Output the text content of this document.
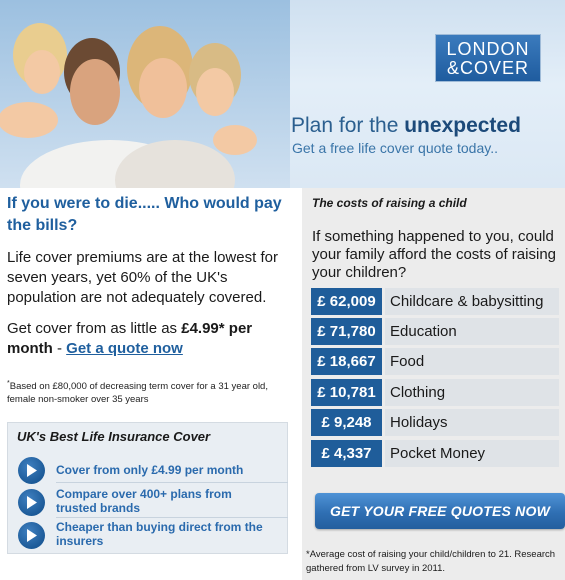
LONDON
&COVER
Plan for the unexpected
Get a free life cover quote today..

If you were to die..... Who would pay the bills?

Life cover premiums are at the lowest for seven years, yet 60% of the UK's population are not adequately covered.

Get cover from as little as £4.99* per month - Get a quote now

*Based on £80,000 of decreasing term cover for a 31 year old, female non-smoker over 35 years
UK's Best Life Insurance Cover
Cover from only £4.99 per month
Compare over 400+ plans from trusted brands
Cheaper than buying direct from the insurers
The costs of raising a child
If something happened to you, could your family afford the costs of raising your children?
£ 62,009 Childcare & babysitting
£ 71,780 Education
£ 18,667 Food
£ 10,781 Clothing
£ 9,248	Holidays
£ 4,337	Pocket Money
GET YOUR FREE QUOTES NOW
*Average cost of raising your child/children to 21. Research gathered from LV survey in 2011.
